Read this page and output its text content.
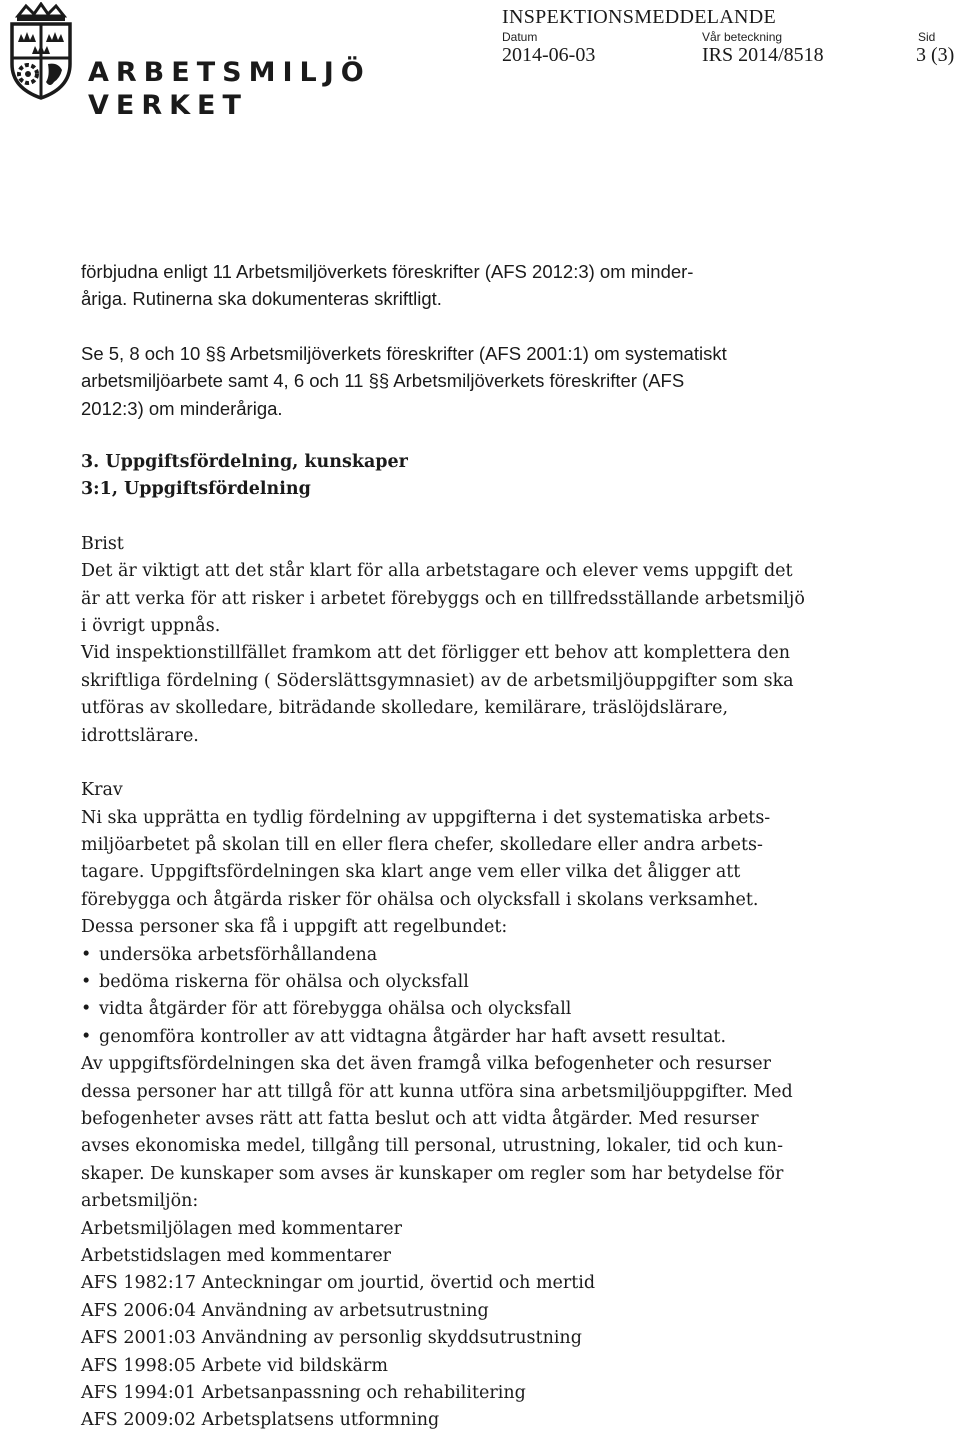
ARBETSMILJÖ
VERKET
INSPEKTIONSMEDDELANDE
Datum
2014-06-03
Vår beteckning
IRS 2014/8518
Sid
3 (3)

förbjudna enligt 11 Arbetsmiljöverkets föreskrifter (AFS 2012:3) om minder-

åriga. Rutinerna ska dokumenteras skriftligt.

Se 5, 8 och 10 §§ Arbetsmiljöverkets föreskrifter (AFS 2001:1) om systematiskt

arbetsmiljöarbete samt 4, 6 och 11 §§ Arbetsmiljöverkets föreskrifter (AFS

2012:3) om minderåriga.

3. Uppgiftsfördelning, kunskaper

3:1, Uppgiftsfördelning

Brist

Det är viktigt att det står klart för alla arbetstagare och elever vems uppgift det

är att verka för att risker i arbetet förebyggs och en tillfredsställande arbetsmiljö

i övrigt uppnås.

Vid inspektionstillfället framkom att det förligger ett behov att komplettera den

skriftliga fördelning ( Söderslättsgymnasiet) av de arbetsmiljöuppgifter som ska

utföras av skolledare, biträdande skolledare, kemilärare, träslöjdslärare,

idrottslärare.

Krav

Ni ska upprätta en tydlig fördelning av uppgifterna i det systematiska arbets-

miljöarbetet på skolan till en eller flera chefer, skolledare eller andra arbets-

tagare. Uppgiftsfördelningen ska klart ange vem eller vilka det åligger att

förebygga och åtgärda risker för ohälsa och olycksfall i skolans verksamhet.

Dessa personer ska få i uppgift att regelbundet:

• undersöka arbetsförhållandena
• bedöma riskerna för ohälsa och olycksfall
• vidta åtgärder för att förebygga ohälsa och olycksfall
• genomföra kontroller av att vidtagna åtgärder har haft avsett resultat.

Av uppgiftsfördelningen ska det även framgå vilka befogenheter och resurser

dessa personer har att tillgå för att kunna utföra sina arbetsmiljöuppgifter. Med

befogenheter avses rätt att fatta beslut och att vidta åtgärder. Med resurser

avses ekonomiska medel, tillgång till personal, utrustning, lokaler, tid och kun-

skaper. De kunskaper som avses är kunskaper om regler som har betydelse för

arbetsmiljön:

Arbetsmiljölagen med kommentarer

Arbetstidslagen med kommentarer

AFS 1982:17 Anteckningar om jourtid, övertid och mertid

AFS 2006:04 Användning av arbetsutrustning

AFS 2001:03 Användning av personlig skyddsutrustning

AFS 1998:05 Arbete vid bildskärm

AFS 1994:01 Arbetsanpassning och rehabilitering

AFS 2009:02 Arbetsplatsens utformning
